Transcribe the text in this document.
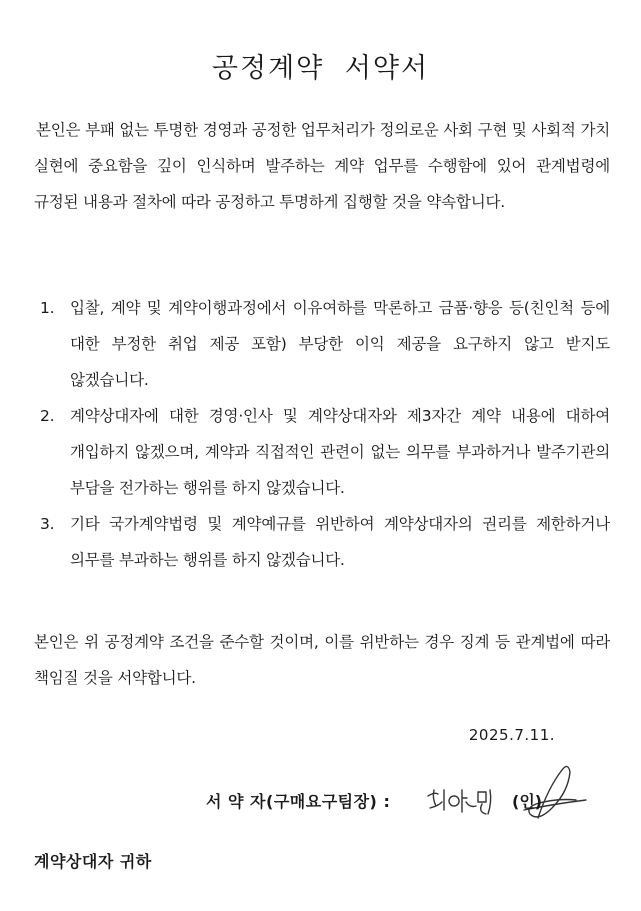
공정계약 서약서

본인은 부패 없는 투명한 경영과 공정한 업무처리가 정의로운 사회 구현 및 사회적 가치 실현에 중요함을 깊이 인식하며 발주하는 계약 업무를 수행함에 있어 관계법령에 규정된 내용과 절차에 따라 공정하고 투명하게 집행할 것을 약속합니다.

1.	입찰, 계약 및 계약이행과정에서 이유여하를 막론하고 금품·향응 등(친인척 등에 대한 부정한 취업 제공 포함) 부당한 이익 제공을 요구하지 않고 받지도 않겠습니다.
2.	계약상대자에 대한 경영·인사 및 계약상대자와 제3자간 계약 내용에 대하여 개입하지 않겠으며, 계약과 직접적인 관련이 없는 의무를 부과하거나 발주기관의 부담을 전가하는 행위를 하지 않겠습니다.
3.	기타 국가계약법령 및 계약예규를 위반하여 계약상대자의 권리를 제한하거나 의무를 부과하는 행위를 하지 않겠습니다.

본인은 위 공정계약 조건을 준수할 것이며, 이를 위반하는 경우 징계 등 관계법에 따라 책임질 것을 서약합니다.

2025.7.11.
서 약 자(구매요구팀장) :
최영봉
(인)
계약상대자 귀하
